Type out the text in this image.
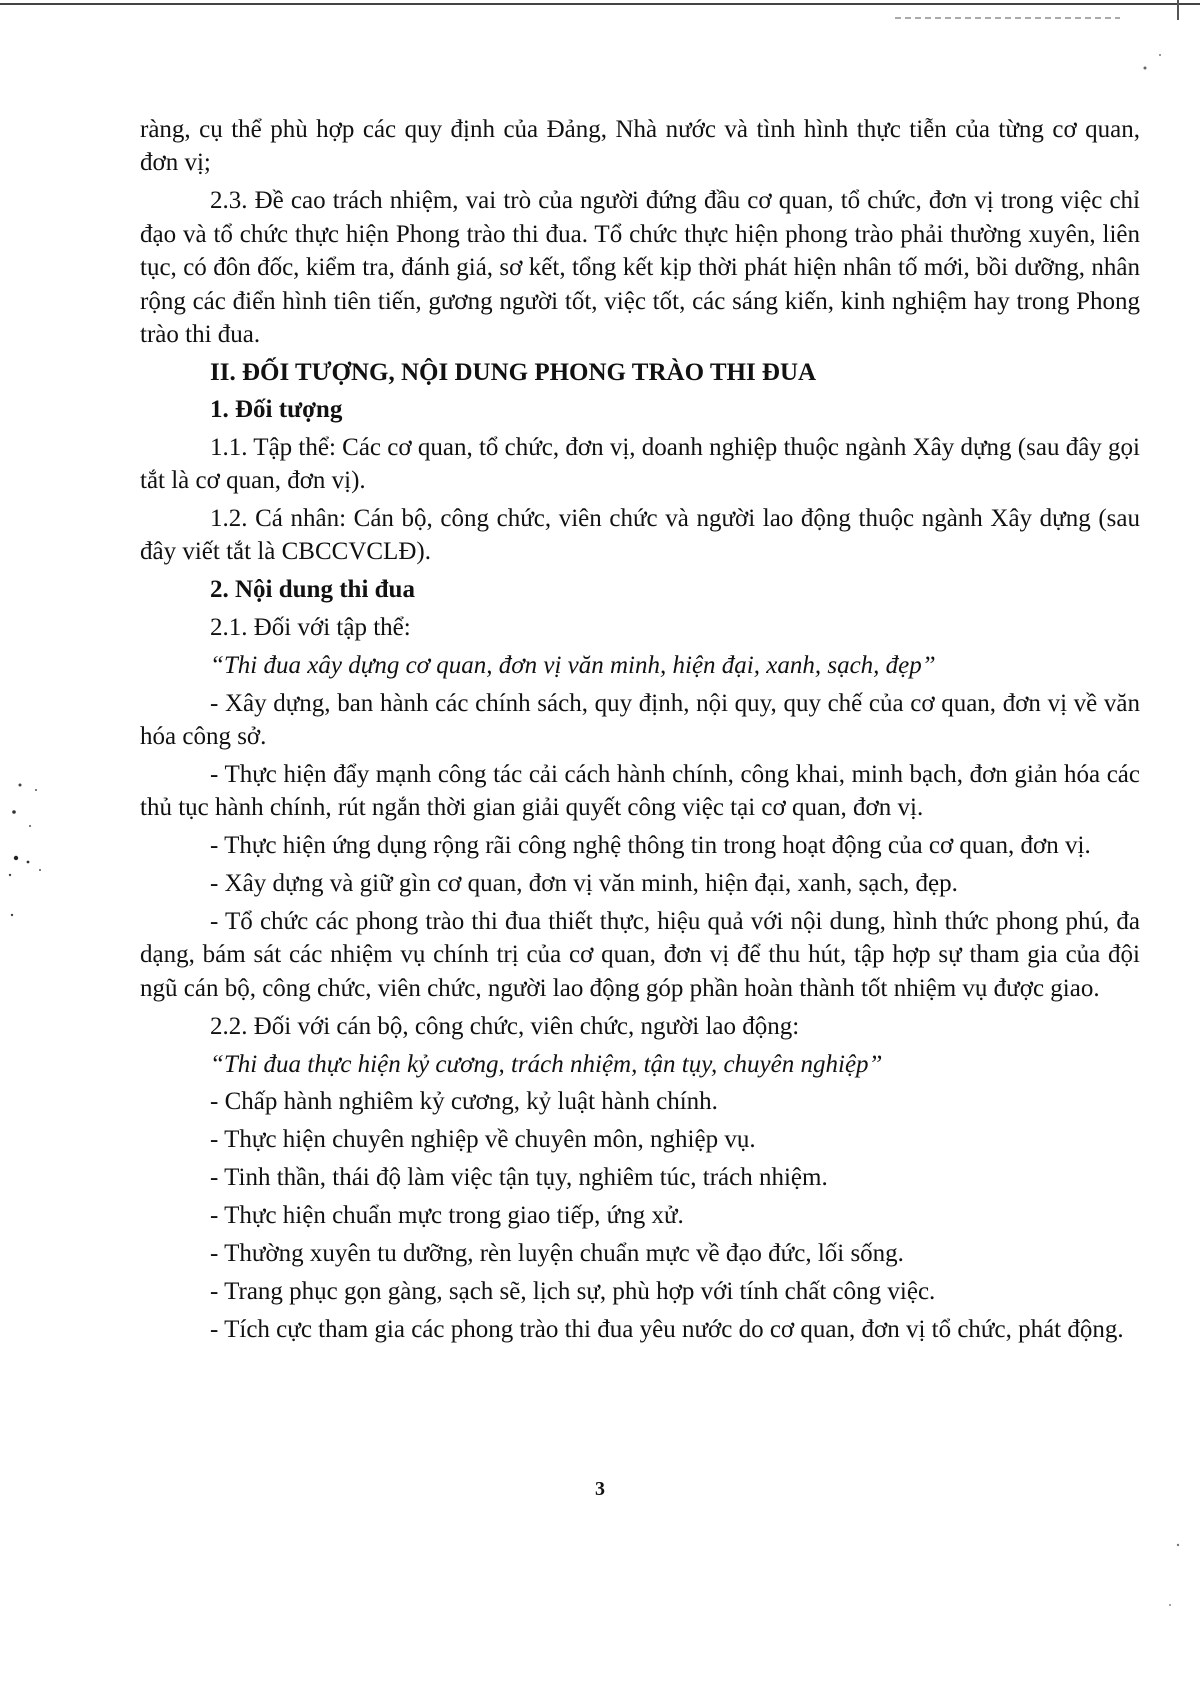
ràng, cụ thể phù hợp các quy định của Đảng, Nhà nước và tình hình thực tiễn của từng cơ quan, đơn vị;

2.3. Đề cao trách nhiệm, vai trò của người đứng đầu cơ quan, tổ chức, đơn vị trong việc chỉ đạo và tổ chức thực hiện Phong trào thi đua. Tổ chức thực hiện phong trào phải thường xuyên, liên tục, có đôn đốc, kiểm tra, đánh giá, sơ kết, tổng kết kịp thời phát hiện nhân tố mới, bồi dưỡng, nhân rộng các điển hình tiên tiến, gương người tốt, việc tốt, các sáng kiến, kinh nghiệm hay trong Phong trào thi đua.

II. ĐỐI TƯỢNG, NỘI DUNG PHONG TRÀO THI ĐUA

1. Đối tượng

1.1. Tập thể: Các cơ quan, tổ chức, đơn vị, doanh nghiệp thuộc ngành Xây dựng (sau đây gọi tắt là cơ quan, đơn vị).

1.2. Cá nhân: Cán bộ, công chức, viên chức và người lao động thuộc ngành Xây dựng (sau đây viết tắt là CBCCVCLĐ).

2. Nội dung thi đua

2.1. Đối với tập thể:

“Thi đua xây dựng cơ quan, đơn vị văn minh, hiện đại, xanh, sạch, đẹp”

- Xây dựng, ban hành các chính sách, quy định, nội quy, quy chế của cơ quan, đơn vị về văn hóa công sở.

- Thực hiện đẩy mạnh công tác cải cách hành chính, công khai, minh bạch, đơn giản hóa các thủ tục hành chính, rút ngắn thời gian giải quyết công việc tại cơ quan, đơn vị.

- Thực hiện ứng dụng rộng rãi công nghệ thông tin trong hoạt động của cơ quan, đơn vị.

- Xây dựng và giữ gìn cơ quan, đơn vị văn minh, hiện đại, xanh, sạch, đẹp.

- Tổ chức các phong trào thi đua thiết thực, hiệu quả với nội dung, hình thức phong phú, đa dạng, bám sát các nhiệm vụ chính trị của cơ quan, đơn vị để thu hút, tập hợp sự tham gia của đội ngũ cán bộ, công chức, viên chức, người lao động góp phần hoàn thành tốt nhiệm vụ được giao.

2.2. Đối với cán bộ, công chức, viên chức, người lao động:

“Thi đua thực hiện kỷ cương, trách nhiệm, tận tụy, chuyên nghiệp”

- Chấp hành nghiêm kỷ cương, kỷ luật hành chính.

- Thực hiện chuyên nghiệp về chuyên môn, nghiệp vụ.

- Tinh thần, thái độ làm việc tận tụy, nghiêm túc, trách nhiệm.

- Thực hiện chuẩn mực trong giao tiếp, ứng xử.

- Thường xuyên tu dưỡng, rèn luyện chuẩn mực về đạo đức, lối sống.

- Trang phục gọn gàng, sạch sẽ, lịch sự, phù hợp với tính chất công việc.

- Tích cực tham gia các phong trào thi đua yêu nước do cơ quan, đơn vị tổ chức, phát động.

3
